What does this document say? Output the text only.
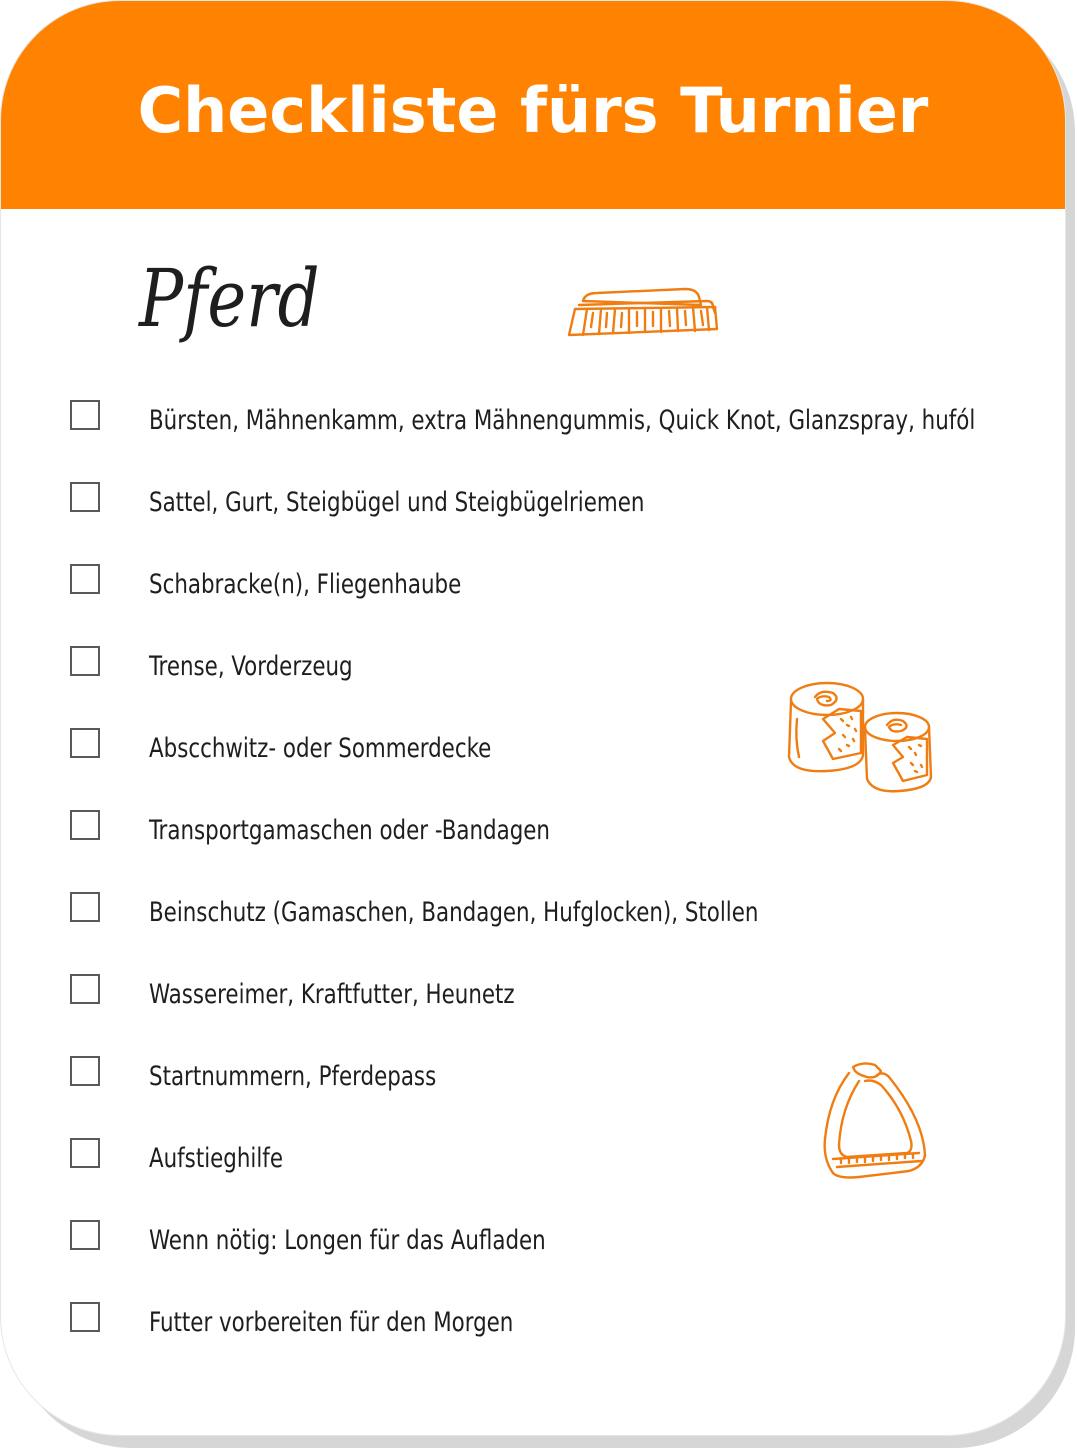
Checkliste fürs Turnier
Pferd
Bürsten, Mähnenkamm, extra Mähnengummis, Quick Knot, Glanzspray, hufól
Sattel, Gurt, Steigbügel und Steigbügelriemen
Schabracke(n), Fliegenhaube
Trense, Vorderzeug
Abscchwitz- oder Sommerdecke
Transportgamaschen oder -Bandagen
Beinschutz (Gamaschen, Bandagen, Hufglocken), Stollen
Wassereimer, Kraftfutter, Heunetz
Startnummern, Pferdepass
Aufstieghilfe
Wenn nötig: Longen für das Aufladen
Futter vorbereiten für den Morgen
